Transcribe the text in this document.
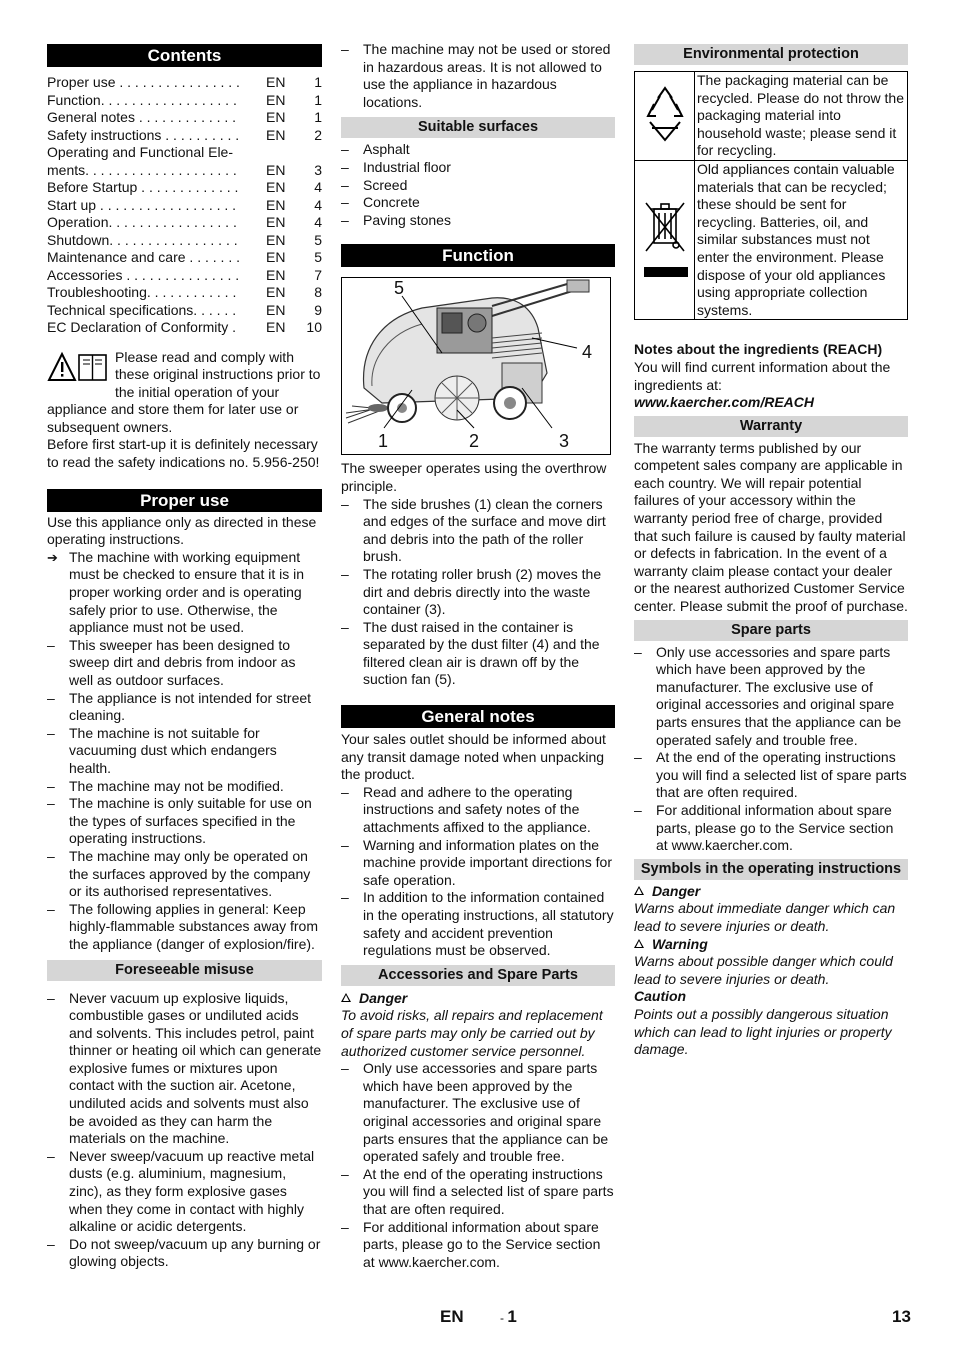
Contents
Proper use . . . . . . . . . . . . . . . .	EN	1
Function. . . . . . . . . . . . . . . . . .	EN	1
General notes . . . . . . . . . . . . .	EN	1
Safety instructions . . . . . . . . . .	EN	2
Operating and Functional Ele-
ments. . . . . . . . . . . . . . . . . . . .	EN	3
Before Startup . . . . . . . . . . . . .	EN	4
Start up . . . . . . . . . . . . . . . . . .	EN	4
Operation. . . . . . . . . . . . . . . . .	EN	4
Shutdown. . . . . . . . . . . . . . . . .	EN	5
Maintenance and care . . . . . . .	EN	5
Accessories . . . . . . . . . . . . . . .	EN	7
Troubleshooting. . . . . . . . . . . .	EN	8
Technical specifications. . . . . .	EN	9
EC Declaration of Conformity .	EN	10

Please read and comply with these original instructions prior to the initial operation of your appliance and store them for later use or subsequent owners.

Before first start-up it is definitely necessary to read the safety indications no. 5.956-250!

Proper use

Use this appliance only as directed in these operating instructions.

➔ The machine with working equipment must be checked to ensure that it is in proper working order and is operating safely prior to use. Otherwise, the appliance must not be used.

– This sweeper has been designed to sweep dirt and debris from indoor as well as outdoor surfaces.

– The appliance is not intended for street cleaning.

– The machine is not suitable for vacuuming dust which endangers health.

– The machine may not be modified.

– The machine is only suitable for use on the types of surfaces specified in the operating instructions.

– The machine may only be operated on the surfaces approved by the company or its authorised representatives.

– The following applies in general: Keep highly-flammable substances away from the appliance (danger of explosion/fire).

Foreseeable misuse

– Never vacuum up explosive liquids, combustible gases or undiluted acids and solvents. This includes petrol, paint thinner or heating oil which can generate explosive fumes or mixtures upon contact with the suction air. Acetone, undiluted acids and solvents must also be avoided as they can harm the materials on the machine.

– Never sweep/vacuum up reactive metal dusts (e.g. aluminium, magnesium, zinc), as they form explosive gases when they come in contact with highly alkaline or acidic detergents.

– Do not sweep/vacuum up any burning or glowing objects.

– The machine may not be used or stored in hazardous areas. It is not allowed to use the appliance in hazardous locations.

Suitable surfaces

– Asphalt

– Industrial floor

– Screed

– Concrete

– Paving stones

Function
5
4
1	2	3

The sweeper operates using the overthrow principle.

– The side brushes (1) clean the corners and edges of the surface and move dirt and debris into the path of the roller brush.

– The rotating roller brush (2) moves the dirt and debris directly into the waste container (3).

– The dust raised in the container is separated by the dust filter (4) and the filtered clean air is drawn off by the suction fan (5).

General notes

Your sales outlet should be informed about any transit damage noted when unpacking the product.

– Read and adhere to the operating instructions and safety notes of the attachments affixed to the appliance.

– Warning and information plates on the machine provide important directions for safe operation.

– In addition to the information contained in the operating instructions, all statutory safety and accident prevention regulations must be observed.

Accessories and Spare Parts

Danger

To avoid risks, all repairs and replacement of spare parts may only be carried out by authorized customer service personnel.

– Only use accessories and spare parts which have been approved by the manufacturer. The exclusive use of original accessories and original spare parts ensures that the appliance can be operated safely and trouble free.

– At the end of the operating instructions you will find a selected list of spare parts that are often required.

– For additional information about spare parts, please go to the Service section at www.kaercher.com.

Environmental protection
	The packaging material can be recycled. Please do not throw the packaging material into household waste; please send it for recycling.
	Old appliances contain valuable materials that can be recycled; these should be sent for recycling. Batteries, oil, and similar substances must not enter the environment. Please dispose of your old appliances using appropriate collection systems.

Notes about the ingredients (REACH)

You will find current information about the ingredients at:

www.kaercher.com/REACH

Warranty

The warranty terms published by our competent sales company are applicable in each country. We will repair potential failures of your accessory within the warranty period free of charge, provided that such failure is caused by faulty material or defects in fabrication. In the event of a warranty claim please contact your dealer or the nearest authorized Customer Service center. Please submit the proof of purchase.

Spare parts

– Only use accessories and spare parts which have been approved by the manufacturer. The exclusive use of original accessories and original spare parts ensures that the appliance can be operated safely and trouble free.

– At the end of the operating instructions you will find a selected list of spare parts that are often required.

– For additional information about spare parts, please go to the Service section at www.kaercher.com.

Symbols in the operating instructions

Danger

Warns about immediate danger which can lead to severe injuries or death.

Warning

Warns about possible danger which could lead to severe injuries or death.

Caution

Points out a possibly dangerous situation which can lead to light injuries or property damage.

EN	- 1	13
